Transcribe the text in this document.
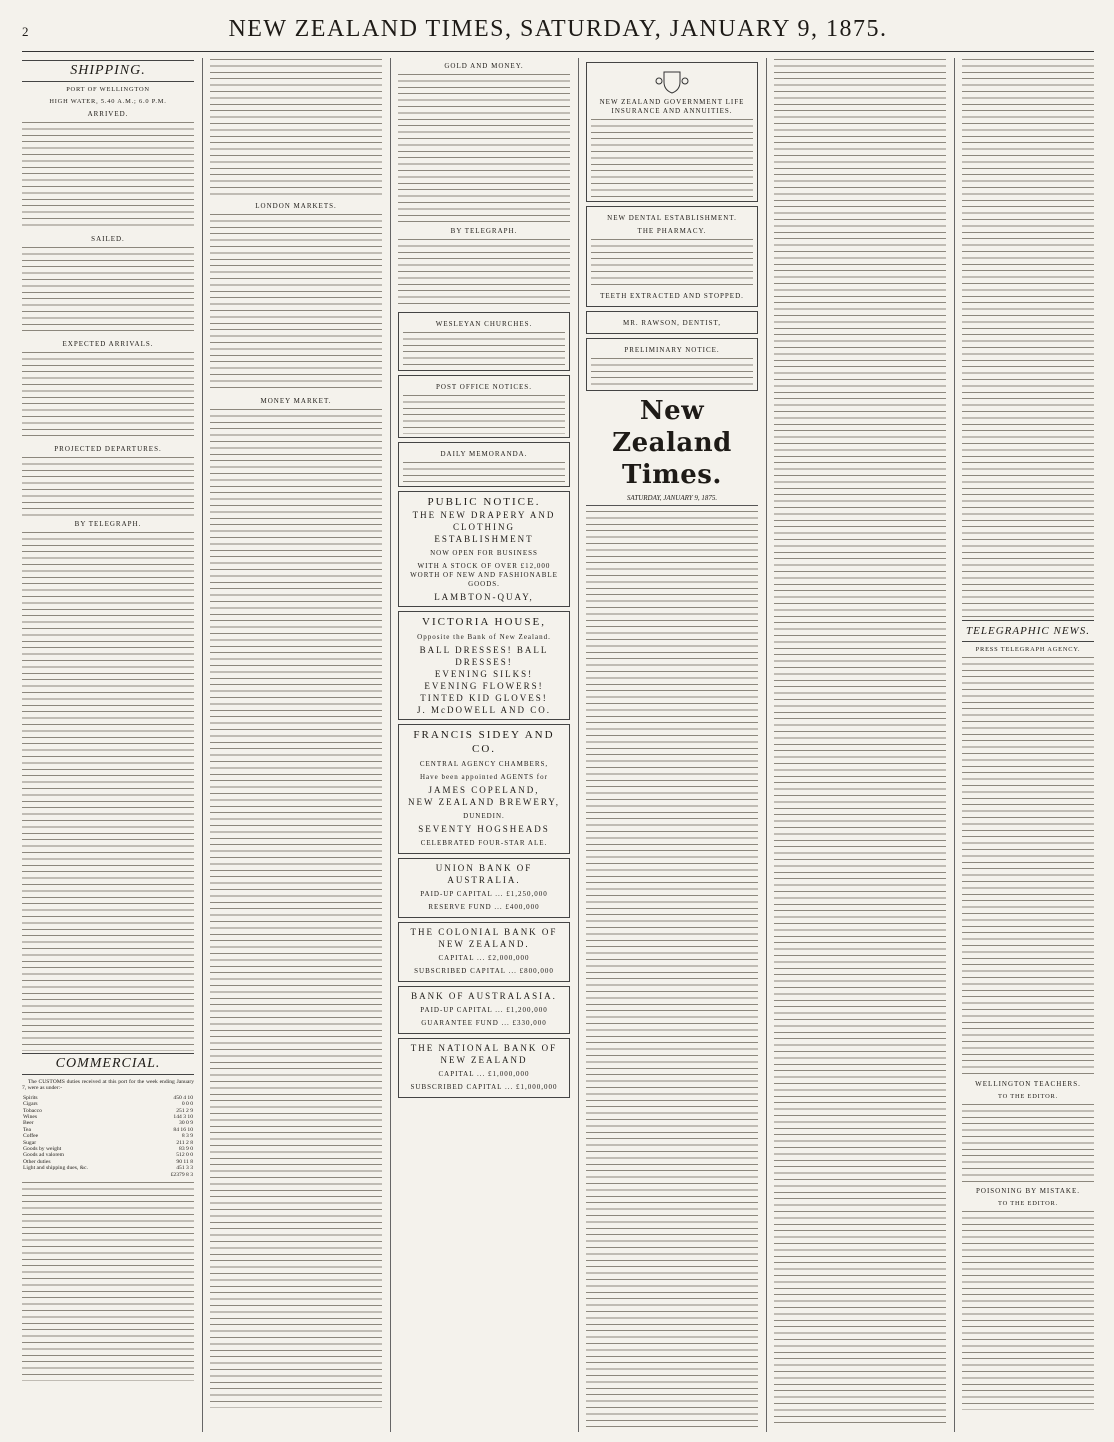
2	NEW ZEALAND TIMES, SATURDAY, JANUARY 9, 1875.
SHIPPING.
PORT OF WELLINGTON
HIGH WATER, 5.40 A.M.; 6.0 P.M.
ARRIVED.
SAILED.
EXPECTED ARRIVALS.
PROJECTED DEPARTURES.
BY TELEGRAPH.
COMMERCIAL.

The CUSTOMS duties received at this port for the week ending January 7, were as under:-

Spirits	450 4 10
Cigars	0 0 0
Tobacco	251 2 9
Wines	144 3 10
Beer	30 0 9
Tea	84 16 10
Coffee	8 3 9
Sugar	211 2 8
Goods by weight	83 9 0
Goods ad valorem	512 0 0
Other duties	90 11 8
Light and shipping dues, &c.	451 3 3
	£2379 8 3
LONDON MARKETS.
MONEY MARKET.
GOLD AND MONEY.
BY TELEGRAPH.
WESLEYAN CHURCHES.
POST OFFICE NOTICES.
DAILY MEMORANDA.
PUBLIC NOTICE.
THE NEW DRAPERY AND CLOTHING ESTABLISHMENT
NOW OPEN FOR BUSINESS
WITH A STOCK OF OVER £12,000 WORTH OF NEW AND FASHIONABLE GOODS.
LAMBTON-QUAY,
VICTORIA HOUSE,
Opposite the Bank of New Zealand.
BALL DRESSES! BALL DRESSES!
EVENING SILKS!
EVENING FLOWERS!
TINTED KID GLOVES!
J. McDOWELL AND CO.
FRANCIS SIDEY AND CO.
CENTRAL AGENCY CHAMBERS,
Have been appointed AGENTS for
JAMES COPELAND,
NEW ZEALAND BREWERY,
DUNEDIN.
SEVENTY HOGSHEADS
CELEBRATED FOUR-STAR ALE.
UNION BANK OF AUSTRALIA.
PAID-UP CAPITAL ... £1,250,000
RESERVE FUND ... £400,000
THE COLONIAL BANK OF NEW ZEALAND.
CAPITAL ... £2,000,000
SUBSCRIBED CAPITAL ... £800,000
BANK OF AUSTRALASIA.
PAID-UP CAPITAL ... £1,200,000
GUARANTEE FUND ... £330,000
THE NATIONAL BANK OF NEW ZEALAND
CAPITAL ... £1,000,000
SUBSCRIBED CAPITAL ... £1,000,000
NEW ZEALAND GOVERNMENT LIFE INSURANCE AND ANNUITIES.
NEW DENTAL ESTABLISHMENT.
THE PHARMACY.
TEETH EXTRACTED AND STOPPED.
MR. RAWSON, DENTIST,
PRELIMINARY NOTICE.
New Zealand Times.
SATURDAY, JANUARY 9, 1875.
TELEGRAPHIC NEWS.
PRESS TELEGRAPH AGENCY.
WELLINGTON TEACHERS.
TO THE EDITOR.
POISONING BY MISTAKE.
TO THE EDITOR.
